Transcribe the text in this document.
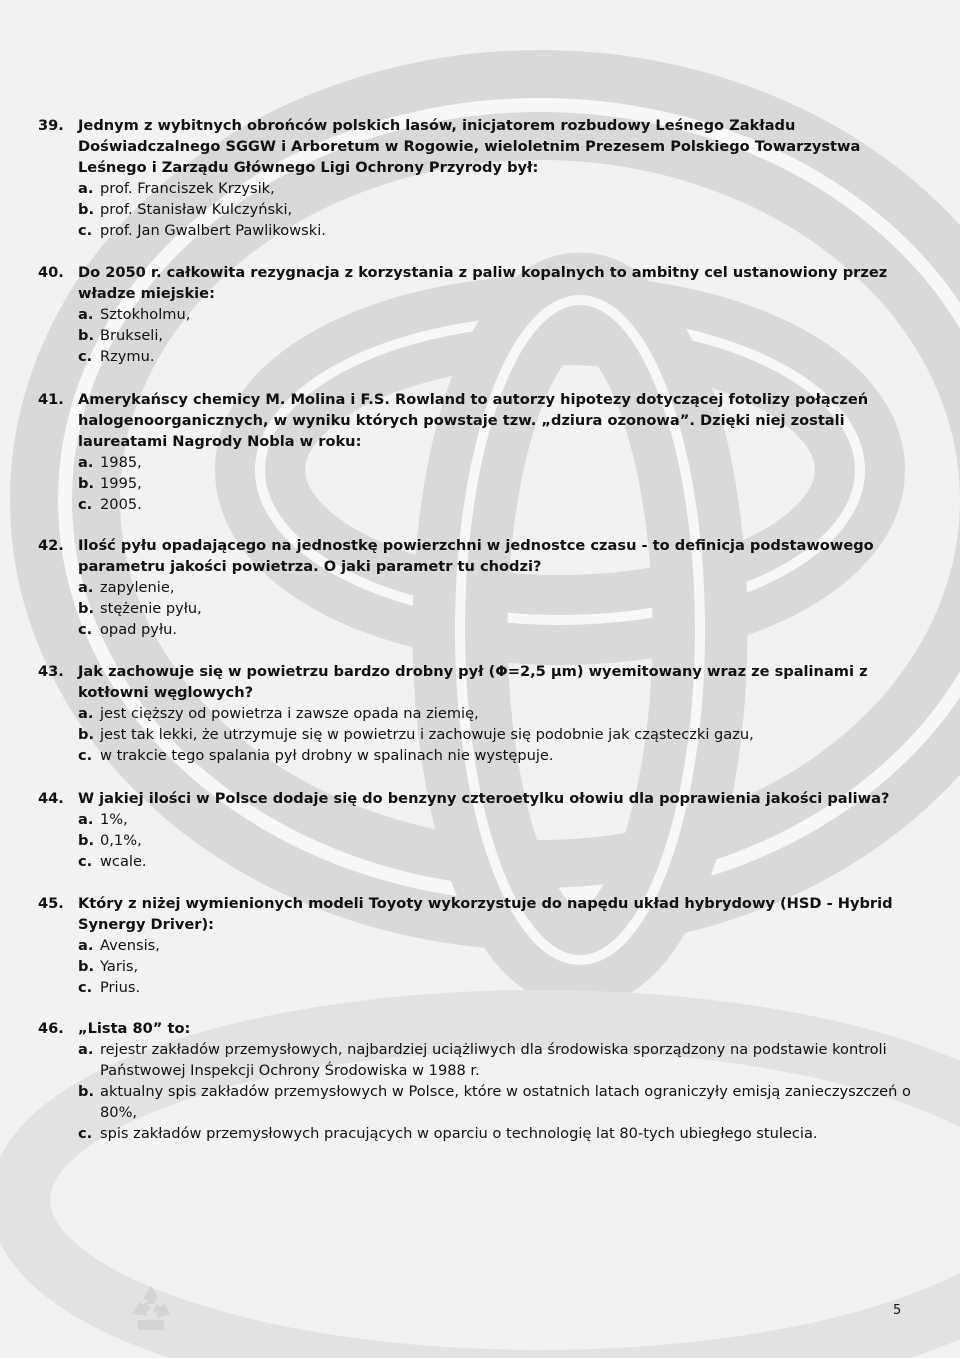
39. Jednym z wybitnych obrońców polskich lasów, inicjatorem rozbudowy Leśnego Zakładu Doświadczalnego SGGW i Arboretum w Rogowie, wieloletnim Prezesem Polskiego Towarzystwa Leśnego i Zarządu Głównego Ligi Ochrony Przyrody był:
a. prof. Franciszek Krzysik,
b. prof. Stanisław Kulczyński,
c. prof. Jan Gwalbert Pawlikowski.
40. Do 2050 r. całkowita rezygnacja z korzystania z paliw kopalnych to ambitny cel ustanowiony przez władze miejskie:
a. Sztokholmu,
b. Brukseli,
c. Rzymu.
41. Amerykańscy chemicy M. Molina i F.S. Rowland to autorzy hipotezy dotyczącej fotolizy połączeń halogenoorganicznych, w wyniku których powstaje tzw. „dziura ozonowa”. Dzięki niej zostali laureatami Nagrody Nobla w roku:
a. 1985,
b. 1995,
c. 2005.
42. Ilość pyłu opadającego na jednostkę powierzchni w jednostce czasu - to definicja podstawowego parametru jakości powietrza. O jaki parametr tu chodzi?
a. zapylenie,
b. stężenie pyłu,
c. opad pyłu.
43. Jak zachowuje się w powietrzu bardzo drobny pył (Φ=2,5 μm) wyemitowany wraz ze spalinami z kotłowni węglowych?
a. jest cięższy od powietrza i zawsze opada na ziemię,
b. jest tak lekki, że utrzymuje się w powietrzu i zachowuje się podobnie jak cząsteczki gazu,
c. w trakcie tego spalania pył drobny w spalinach nie występuje.
44. W jakiej ilości w Polsce dodaje się do benzyny czteroetylku ołowiu dla poprawienia jakości paliwa?
a. 1%,
b. 0,1%,
c. wcale.
45. Który z niżej wymienionych modeli Toyoty wykorzystuje do napędu układ hybrydowy (HSD - Hybrid Synergy Driver):
a. Avensis,
b. Yaris,
c. Prius.
46. „Lista 80” to:
a. rejestr zakładów przemysłowych, najbardziej uciążliwych dla środowiska sporządzony na podstawie kontroli Państwowej Inspekcji Ochrony Środowiska w 1988 r.
b. aktualny spis zakładów przemysłowych w Polsce, które w ostatnich latach ograniczyły emisją zanieczyszczeń o 80%,
c. spis zakładów przemysłowych pracujących w oparciu o technologię lat 80-tych ubiegłego stulecia.
5
